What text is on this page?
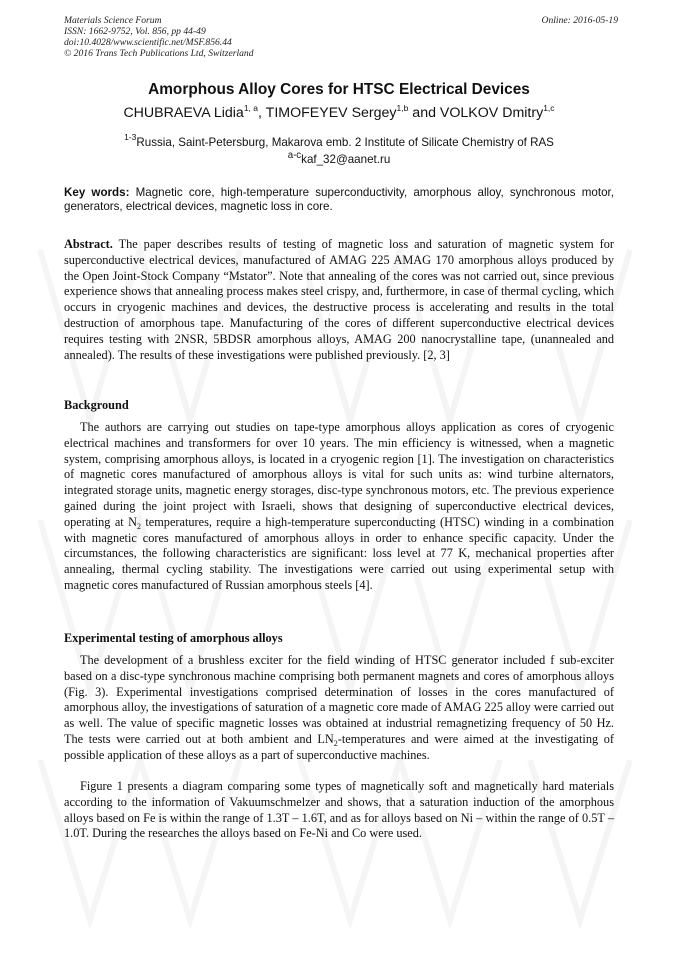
Materials Science Forum
ISSN: 1662-9752, Vol. 856, pp 44-49
doi:10.4028/www.scientific.net/MSF.856.44
© 2016 Trans Tech Publications Ltd, Switzerland
Online: 2016-05-19
Amorphous Alloy Cores for HTSC Electrical Devices
CHUBRAEVA Lidia$^{1, a}$, TIMOFEYEV Sergey$^{1,b}$ and VOLKOV Dmitry$^{1,c}$
$^{1-3}$Russia, Saint-Petersburg, Makarova emb. 2 Institute of Silicate Chemistry of RAS
$^{a-c}$kaf_32@aanet.ru
Key words: Magnetic core, high-temperature superconductivity, amorphous alloy, synchronous motor, generators, electrical devices, magnetic loss in core.
Abstract. The paper describes results of testing of magnetic loss and saturation of magnetic system for superconductive electrical devices, manufactured of AMAG 225 AMAG 170 amorphous alloys produced by the Open Joint-Stock Company “Mstator”. Note that annealing of the cores was not carried out, since previous experience shows that annealing process makes steel crispy, and, furthermore, in case of thermal cycling, which occurs in cryogenic machines and devices, the destructive process is accelerating and results in the total destruction of amorphous tape. Manufacturing of the cores of different superconductive electrical devices requires testing with 2NSR, 5BDSR amorphous alloys, AMAG 200 nanocrystalline tape, (unannealed and annealed). The results of these investigations were published previously. [2, 3]
Background
The authors are carrying out studies on tape-type amorphous alloys application as cores of cryogenic electrical machines and transformers for over 10 years. The min efficiency is witnessed, when a magnetic system, comprising amorphous alloys, is located in a cryogenic region [1]. The investigation on characteristics of magnetic cores manufactured of amorphous alloys is vital for such units as: wind turbine alternators, integrated storage units, magnetic energy storages, disc-type synchronous motors, etc. The previous experience gained during the joint project with Israeli, shows that designing of superconductive electrical devices, operating at $N_2$ temperatures, require a high-temperature superconducting (HTSC) winding in a combination with magnetic cores manufactured of amorphous alloys in order to enhance specific capacity. Under the circumstances, the following characteristics are significant: loss level at 77 K, mechanical properties after annealing, thermal cycling stability. The investigations were carried out using experimental setup with magnetic cores manufactured of Russian amorphous steels [4].
Experimental testing of amorphous alloys
The development of a brushless exciter for the field winding of HTSC generator included f sub-exciter based on a disc-type synchronous machine comprising both permanent magnets and cores of amorphous alloys (Fig. 3). Experimental investigations comprised determination of losses in the cores manufactured of amorphous alloy, the investigations of saturation of a magnetic core made of AMAG 225 alloy were carried out as well. The value of specific magnetic losses was obtained at industrial remagnetizing frequency of 50 Hz. The tests were carried out at both ambient and $LN_2$-temperatures and were aimed at the investigating of possible application of these alloys as a part of superconductive machines.
Figure 1 presents a diagram comparing some types of magnetically soft and magnetically hard materials according to the information of Vakuumschmelzer and shows, that a saturation induction of the amorphous alloys based on Fe is within the range of 1.3T – 1.6T, and as for alloys based on Ni – within the range of 0.5T – 1.0T. During the researches the alloys based on Fe-Ni and Co were used.
